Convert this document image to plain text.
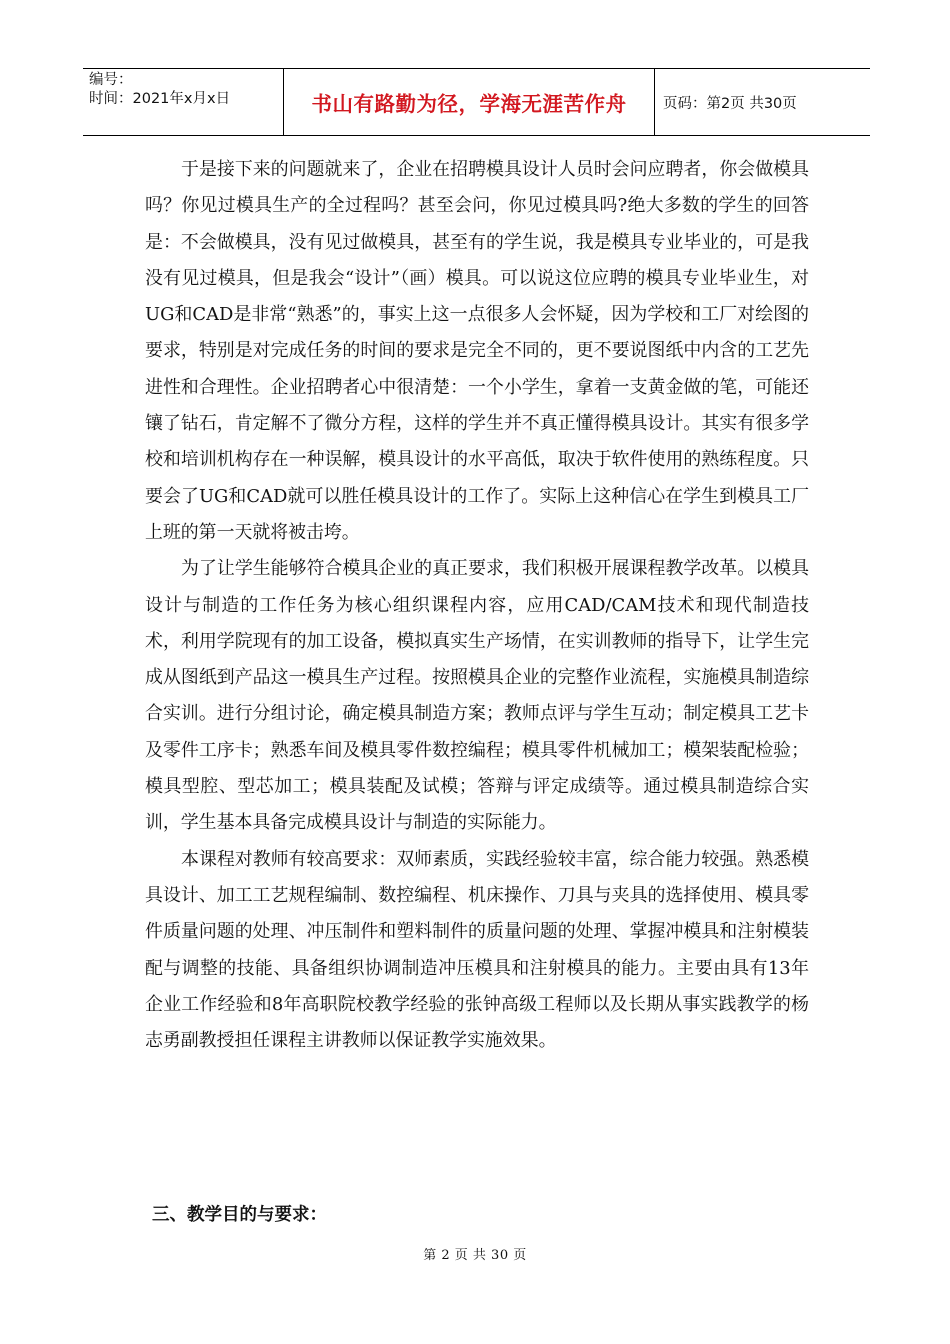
编号：
时间：2021年x月x日	书山有路勤为径，学海无涯苦作舟	页码：第2页 共30页

于是接下来的问题就来了，企业在招聘模具设计人员时会问应聘者，你会做模具吗？你见过模具生产的全过程吗？甚至会问，你见过模具吗?绝大多数的学生的回答是：不会做模具，没有见过做模具，甚至有的学生说，我是模具专业毕业的，可是我没有见过模具，但是我会“设计”（画）模具。可以说这位应聘的模具专业毕业生，对UG和CAD是非常“熟悉”的，事实上这一点很多人会怀疑，因为学校和工厂对绘图的要求，特别是对完成任务的时间的要求是完全不同的，更不要说图纸中内含的工艺先进性和合理性。企业招聘者心中很清楚：一个小学生，拿着一支黄金做的笔，可能还镶了钻石，肯定解不了微分方程，这样的学生并不真正懂得模具设计。其实有很多学校和培训机构存在一种误解，模具设计的水平高低，取决于软件使用的熟练程度。只要会了UG和CAD就可以胜任模具设计的工作了。实际上这种信心在学生到模具工厂上班的第一天就将被击垮。

为了让学生能够符合模具企业的真正要求，我们积极开展课程教学改革。以模具设计与制造的工作任务为核心组织课程内容，应用CAD/CAM技术和现代制造技术，利用学院现有的加工设备，模拟真实生产场情，在实训教师的指导下，让学生完成从图纸到产品这一模具生产过程。按照模具企业的完整作业流程，实施模具制造综合实训。进行分组讨论，确定模具制造方案；教师点评与学生互动；制定模具工艺卡及零件工序卡；熟悉车间及模具零件数控编程；模具零件机械加工；模架装配检验；模具型腔、型芯加工；模具装配及试模；答辩与评定成绩等。通过模具制造综合实训，学生基本具备完成模具设计与制造的实际能力。

本课程对教师有较高要求：双师素质，实践经验较丰富，综合能力较强。熟悉模具设计、加工工艺规程编制、数控编程、机床操作、刀具与夹具的选择使用、模具零件质量问题的处理、冲压制件和塑料制件的质量问题的处理、掌握冲模具和注射模装配与调整的技能、具备组织协调制造冲压模具和注射模具的能力。主要由具有13年企业工作经验和8年高职院校教学经验的张钟高级工程师以及长期从事实践教学的杨志勇副教授担任课程主讲教师以保证教学实施效果。

三、教学目的与要求：
第 2 页 共 30 页
